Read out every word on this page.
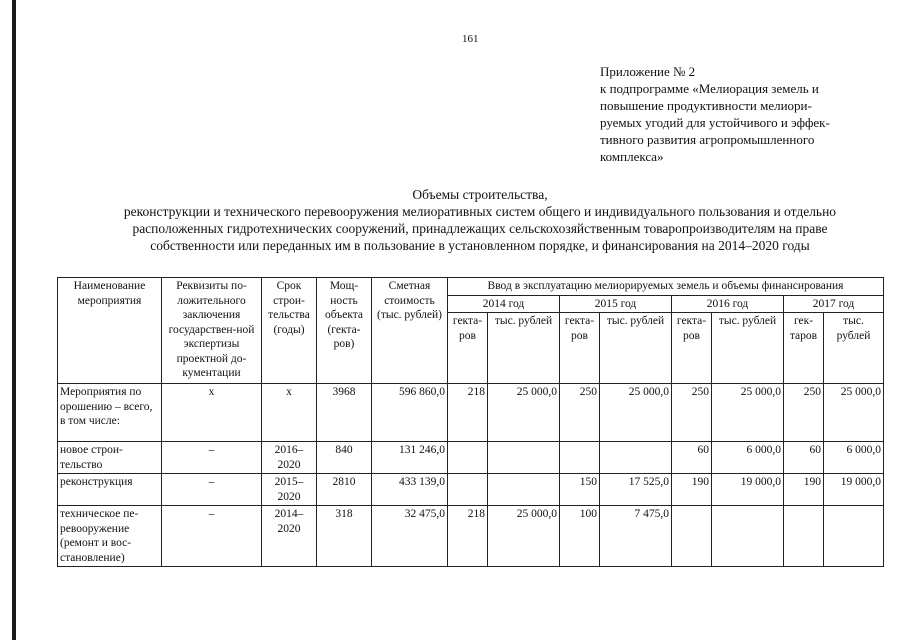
161
Приложение № 2
к подпрограмме «Мелиорация земель и
повышение продуктивности мелиори-
руемых угодий для устойчивого и эффек-
тивного развития агропромышленного
комплекса»
Объемы строительства,
реконструкции и технического перевооружения мелиоративных систем общего и индивидуального пользования и отдельно
расположенных гидротехнических сооружений, принадлежащих сельскохозяйственным товаропроизводителям на праве
собственности или переданных им в пользование в установленном порядке, и финансирования на 2014–2020 годы
Наименование мероприятия	Реквизиты по-ложительного заключения государствен-ной экспертизы проектной до-кументации	Срок строи-тельства (годы)	Мощ-ность объекта (гекта-ров)	Сметная стоимость (тыс. рублей)	Ввод в эксплуатацию мелиорируемых земель и объемы финансирования							
					2014 год		2015 год		2016 год		2017 год	
					гекта-ров	тыс. рублей	гекта-ров	тыс. рублей	гекта-ров	тыс. рублей	гек-таров	тыс. рублей
Мероприятия по орошению – всего, в том числе:	х	х	3968	596 860,0	218	25 000,0	250	25 000,0	250	25 000,0	250	25 000,0
новое строи-тельство	–	2016–2020	840	131 246,0					60	6 000,0	60	6 000,0
реконструкция	–	2015–2020	2810	433 139,0			150	17 525,0	190	19 000,0	190	19 000,0
техническое пе-ревооружение (ремонт и вос-становление)	–	2014–2020	318	32 475,0	218	25 000,0	100	7 475,0				
